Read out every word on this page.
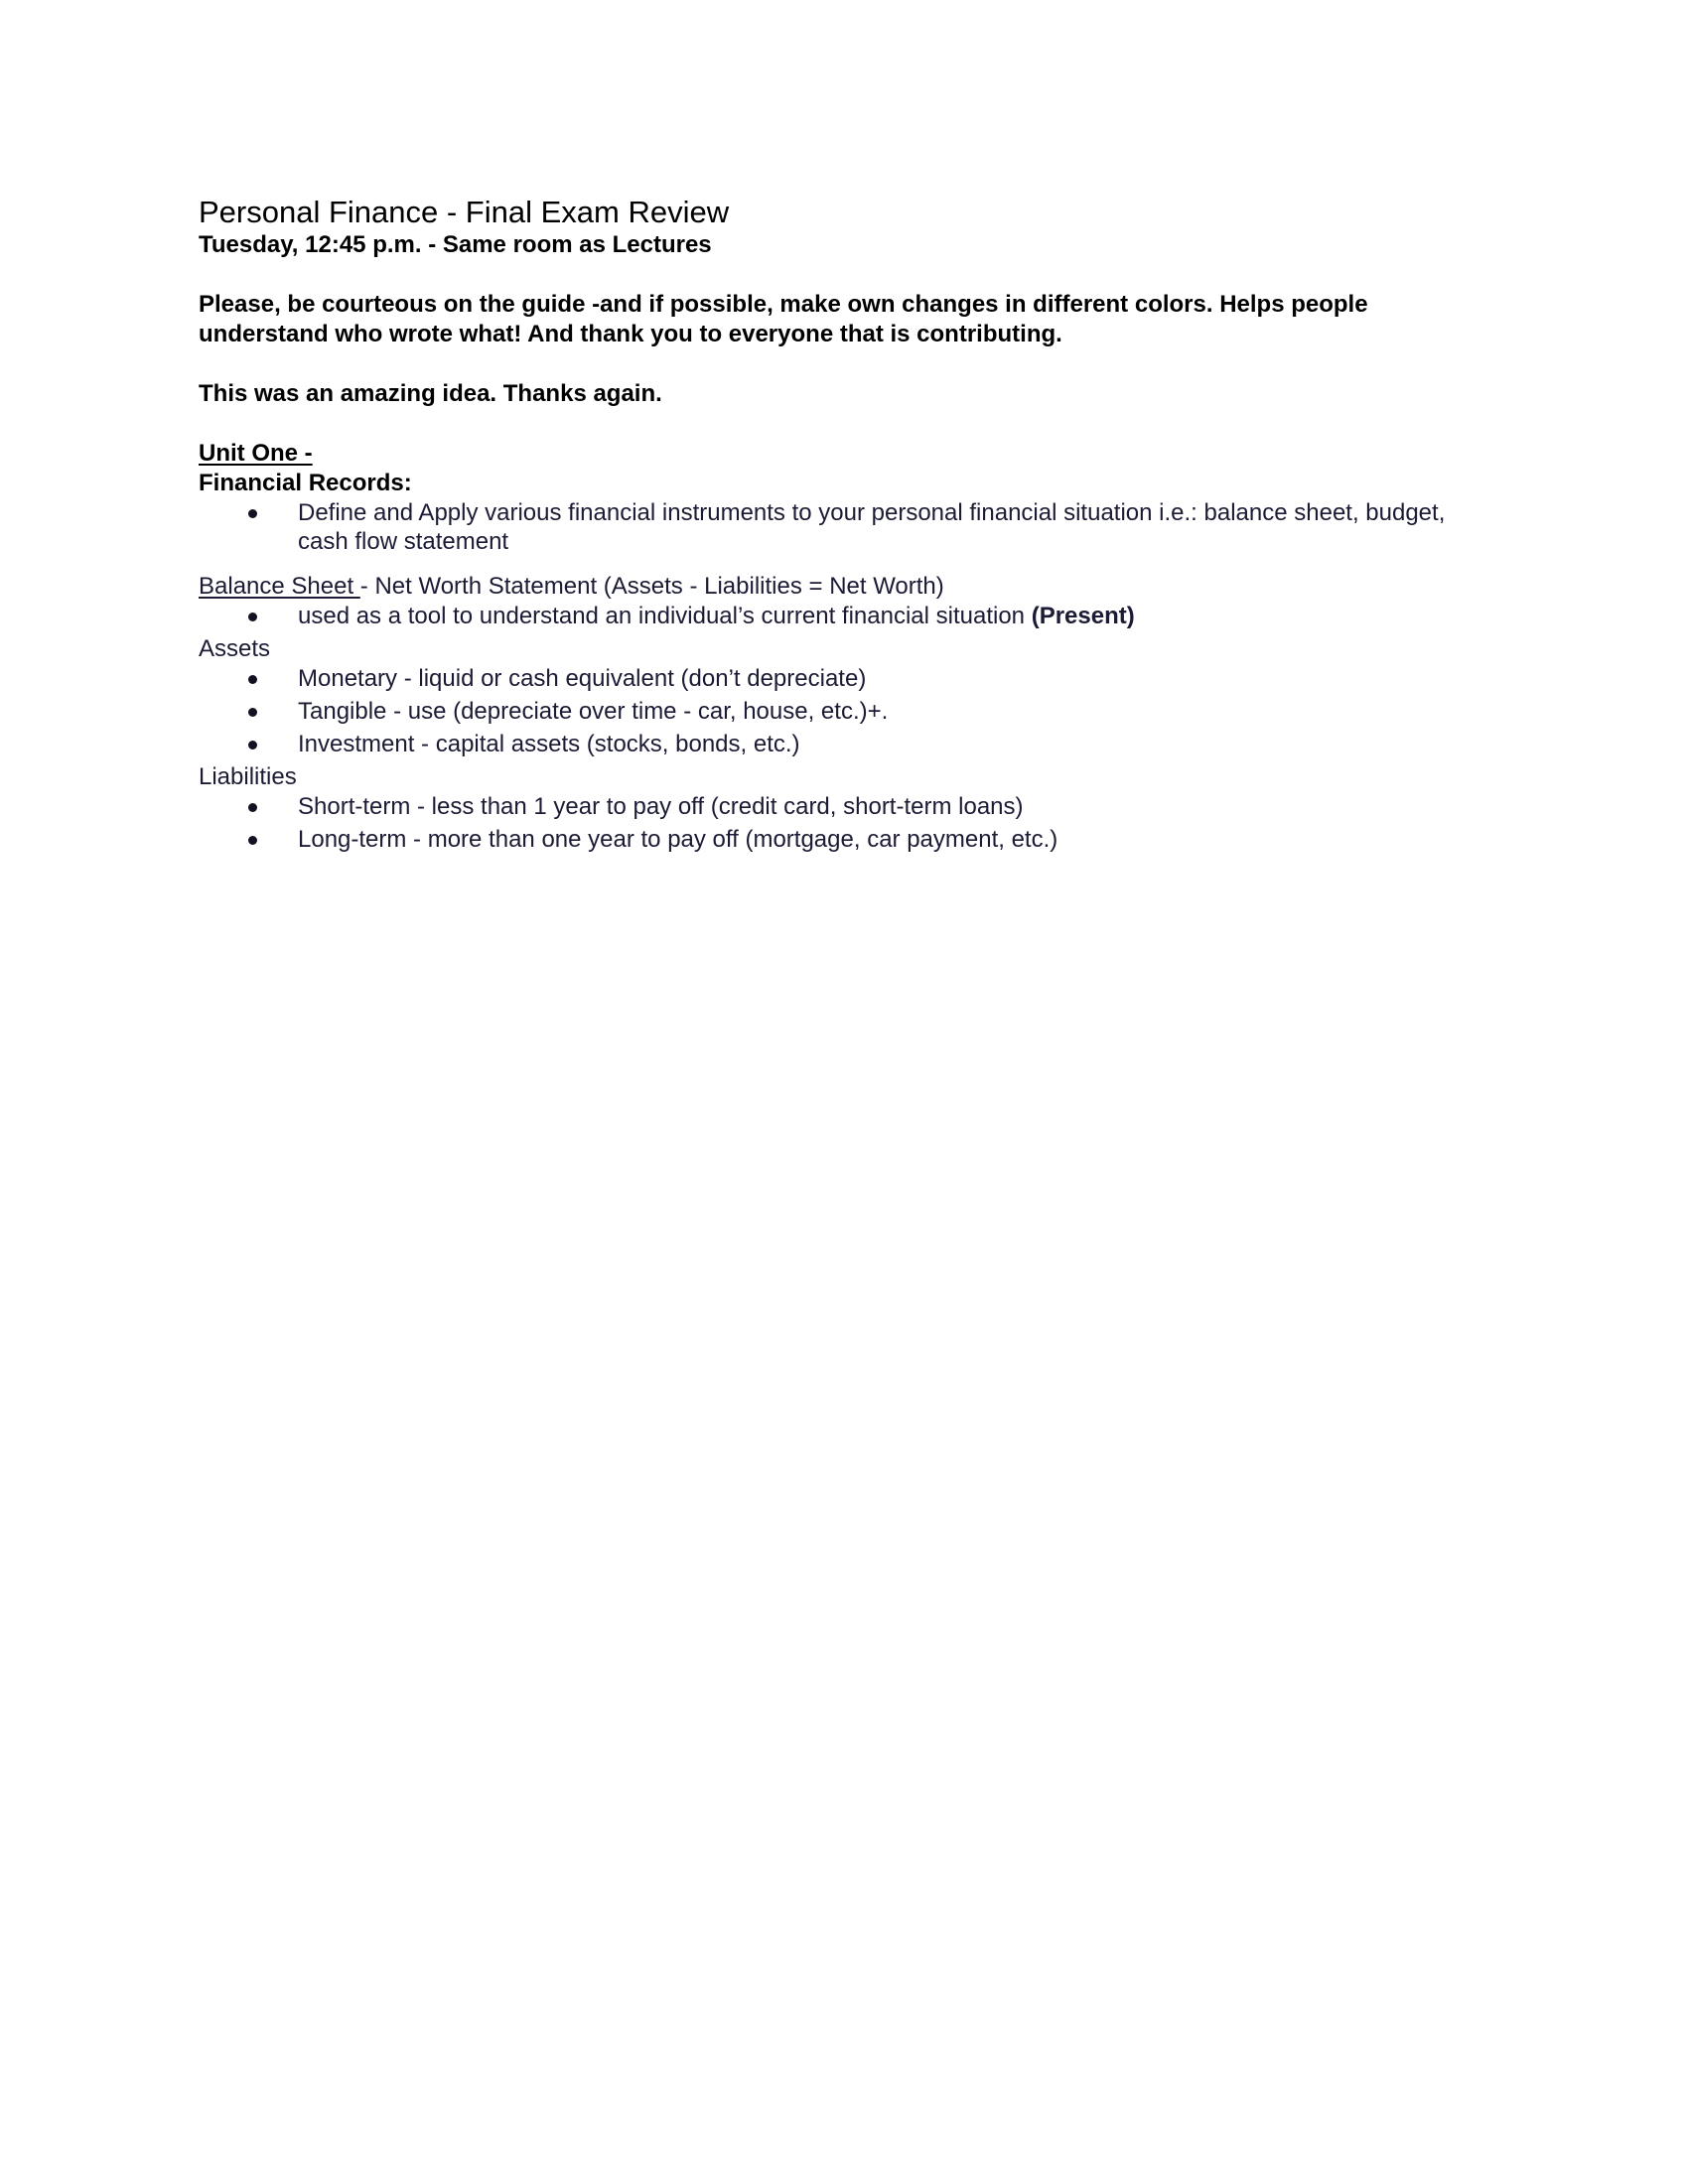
Personal Finance - Final Exam Review

Tuesday, 12:45 p.m. - Same room as Lectures

Please, be courteous on the guide -and if possible, make own changes in different colors. Helps people understand who wrote what! And thank you to everyone that is contributing.

This was an amazing idea. Thanks again.

Unit One -

Financial Records:

Define and Apply various financial instruments to your personal financial situation i.e.: balance sheet, budget, cash flow statement

Balance Sheet - Net Worth Statement (Assets - Liabilities = Net Worth)

used as a tool to understand an individual’s current financial situation (Present)

Assets

Monetary - liquid or cash equivalent (don’t depreciate)
Tangible - use (depreciate over time - car, house, etc.)+.
Investment - capital assets (stocks, bonds, etc.)

Liabilities

Short-term - less than 1 year to pay off (credit card, short-term loans)
Long-term - more than one year to pay off (mortgage, car payment, etc.)
